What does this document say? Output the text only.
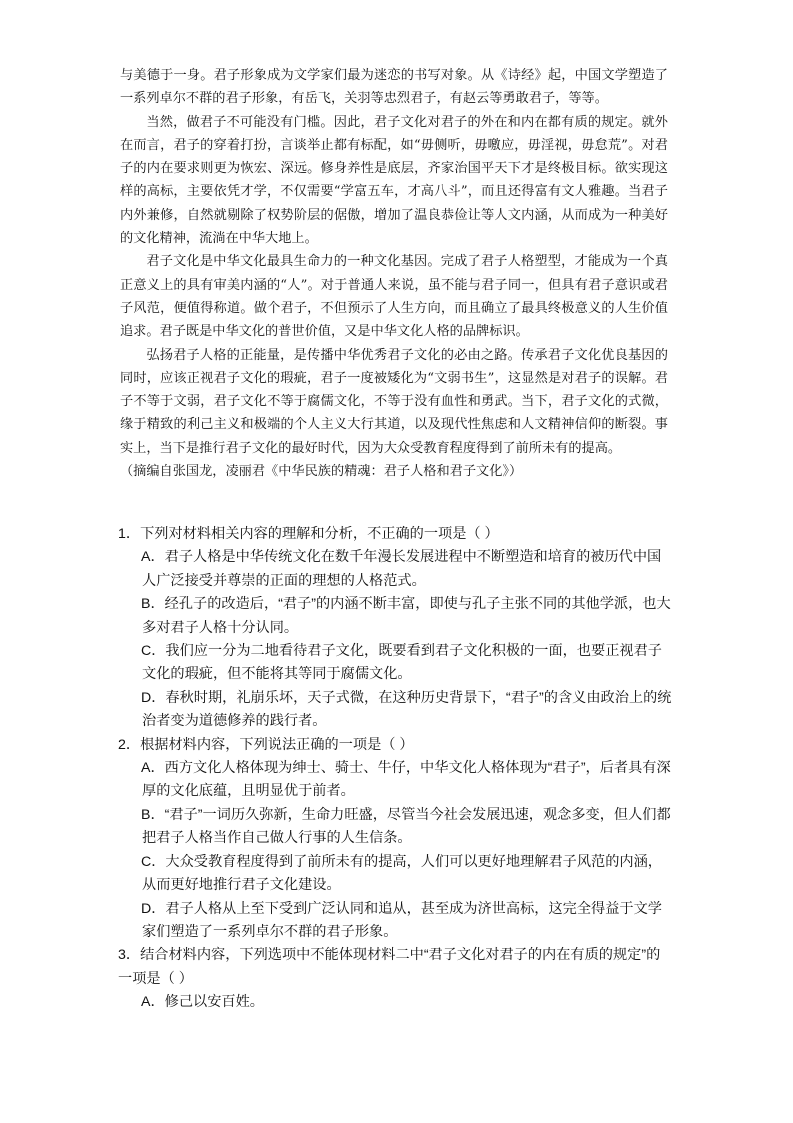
与美德于一身。君子形象成为文学家们最为迷恋的书写对象。从《诗经》起，中国文学塑造了一系列卓尔不群的君子形象，有岳飞，关羽等忠烈君子，有赵云等勇敢君子，等等。

当然，做君子不可能没有门槛。因此，君子文化对君子的外在和内在都有质的规定。就外在而言，君子的穿着打扮，言谈举止都有标配，如“毋侧听，毋噭应，毋淫视，毋怠荒”。对君子的内在要求则更为恢宏、深远。修身养性是底层，齐家治国平天下才是终极目标。欲实现这样的高标，主要依凭才学，不仅需要“学富五车，才高八斗”，而且还得富有文人雅趣。当君子内外兼修，自然就剔除了权势阶层的倨傲，增加了温良恭俭让等人文内涵，从而成为一种美好的文化精神，流淌在中华大地上。

君子文化是中华文化最具生命力的一种文化基因。完成了君子人格塑型，才能成为一个真正意义上的具有审美内涵的“人”。对于普通人来说，虽不能与君子同一，但具有君子意识或君子风范，便值得称道。做个君子，不但预示了人生方向，而且确立了最具终极意义的人生价值追求。君子既是中华文化的普世价值，又是中华文化人格的品牌标识。

弘扬君子人格的正能量，是传播中华优秀君子文化的必由之路。传承君子文化优良基因的同时，应该正视君子文化的瑕疵，君子一度被矮化为“文弱书生”，这显然是对君子的误解。君子不等于文弱，君子文化不等于腐儒文化，不等于没有血性和勇武。当下，君子文化的式微，缘于精致的利己主义和极端的个人主义大行其道，以及现代性焦虑和人文精神信仰的断裂。事实上，当下是推行君子文化的最好时代，因为大众受教育程度得到了前所未有的提高。

（摘编自张国龙，凌丽君《中华民族的精魂：君子人格和君子文化》）

1．下列对材料相关内容的理解和分析，不正确的一项是（ ）

A．君子人格是中华传统文化在数千年漫长发展进程中不断塑造和培育的被历代中国人广泛接受并尊崇的正面的理想的人格范式。

B．经孔子的改造后，“君子”的内涵不断丰富，即使与孔子主张不同的其他学派，也大多对君子人格十分认同。

C．我们应一分为二地看待君子文化，既要看到君子文化积极的一面，也要正视君子文化的瑕疵，但不能将其等同于腐儒文化。

D．春秋时期，礼崩乐坏，天子式微，在这种历史背景下，“君子”的含义由政治上的统治者变为道德修养的践行者。

2．根据材料内容，下列说法正确的一项是（ ）

A．西方文化人格体现为绅士、骑士、牛仔，中华文化人格体现为“君子”，后者具有深厚的文化底蕴，且明显优于前者。

B．“君子”一词历久弥新，生命力旺盛，尽管当今社会发展迅速，观念多变，但人们都把君子人格当作自己做人行事的人生信条。

C．大众受教育程度得到了前所未有的提高，人们可以更好地理解君子风范的内涵，从而更好地推行君子文化建设。

D．君子人格从上至下受到广泛认同和追从，甚至成为济世高标，这完全得益于文学家们塑造了一系列卓尔不群的君子形象。

3．结合材料内容，下列选项中不能体现材料二中“君子文化对君子的内在有质的规定”的一项是（ ）

A．修己以安百姓。
